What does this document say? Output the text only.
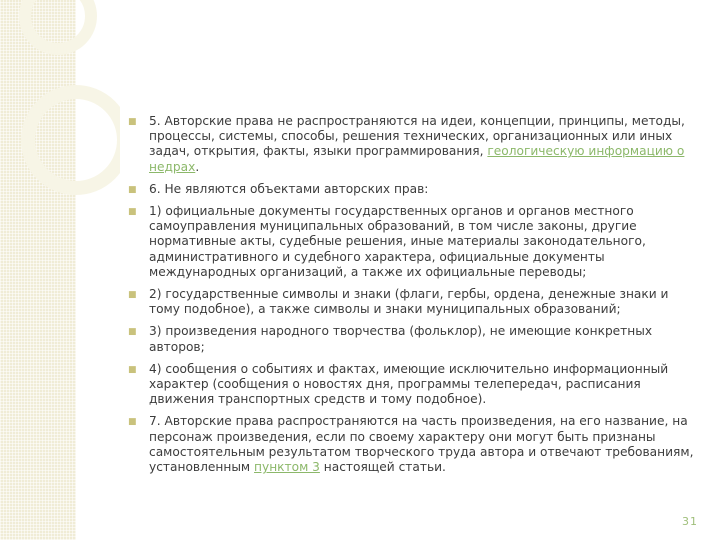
■ 5. Авторские права не распространяются на идеи, концепции, принципы, методы, процессы, системы, способы, решения технических, организационных или иных задач, открытия, факты, языки программирования, геологическую информацию о недрах.
■ 6. Не являются объектами авторских прав:
■ 1) официальные документы государственных органов и органов местного самоуправления муниципальных образований, в том числе законы, другие нормативные акты, судебные решения, иные материалы законодательного, административного и судебного характера, официальные документы международных организаций, а также их официальные переводы;
■ 2) государственные символы и знаки (флаги, гербы, ордена, денежные знаки и тому подобное), а также символы и знаки муниципальных образований;
■ 3) произведения народного творчества (фольклор), не имеющие конкретных авторов;
■ 4) сообщения о событиях и фактах, имеющие исключительно информационный характер (сообщения о новостях дня, программы телепередач, расписания движения транспортных средств и тому подобное).
■ 7. Авторские права распространяются на часть произведения, на его название, на персонаж произведения, если по своему характеру они могут быть признаны самостоятельным результатом творческого труда автора и отвечают требованиям, установленным пунктом 3 настоящей статьи.
31
